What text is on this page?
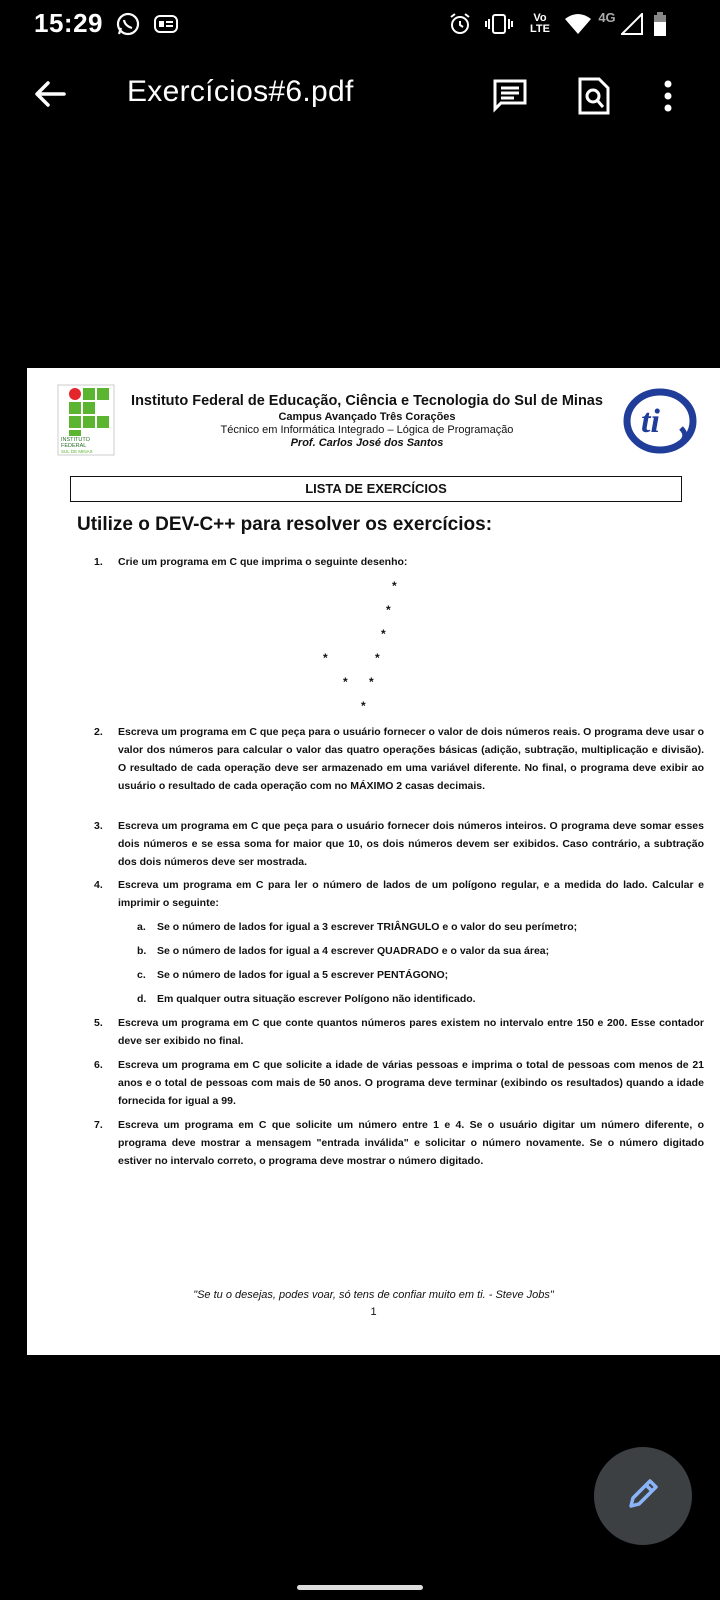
15:29	Vo LTE
4G
Exercícios#6.pdf
INSTITUTO
FEDERAL
SUL DE MINAS
Instituto Federal de Educação, Ciência e Tecnologia do Sul de Minas
Campus Avançado Três Corações
Técnico em Informática Integrado – Lógica de Programação
Prof. Carlos José dos Santos
ti
LISTA DE EXERCÍCIOS
Utilize o DEV-C++ para resolver os exercícios:
1. Crie um programa em C que imprima o seguinte desenho:
*
*
*
*	*
* *
*
2. Escreva um programa em C que peça para o usuário fornecer o valor de dois números reais. O programa deve usar o valor dos números para calcular o valor das quatro operações básicas (adição, subtração, multiplicação e divisão). O resultado de cada operação deve ser armazenado em uma variável diferente. No final, o programa deve exibir ao usuário o resultado de cada operação com no MÁXIMO 2 casas decimais.
3. Escreva um programa em C que peça para o usuário fornecer dois números inteiros. O programa deve somar esses dois números e se essa soma for maior que 10, os dois números devem ser exibidos. Caso contrário, a subtração dos dois números deve ser mostrada.
4. Escreva um programa em C para ler o número de lados de um polígono regular, e a medida do lado. Calcular e imprimir o seguinte:
a. Se o número de lados for igual a 3 escrever TRIÂNGULO e o valor do seu perímetro;
b. Se o número de lados for igual a 4 escrever QUADRADO e o valor da sua área;
c. Se o número de lados for igual a 5 escrever PENTÁGONO;
d. Em qualquer outra situação escrever Polígono não identificado.
5. Escreva um programa em C que conte quantos números pares existem no intervalo entre 150 e 200. Esse contador deve ser exibido no final.
6. Escreva um programa em C que solicite a idade de várias pessoas e imprima o total de pessoas com menos de 21 anos e o total de pessoas com mais de 50 anos. O programa deve terminar (exibindo os resultados) quando a idade fornecida for igual a 99.
7. Escreva um programa em C que solicite um número entre 1 e 4. Se o usuário digitar um número diferente, o programa deve mostrar a mensagem "entrada inválida" e solicitar o número novamente. Se o número digitado estiver no intervalo correto, o programa deve mostrar o número digitado.
"Se tu o desejas, podes voar, só tens de confiar muito em ti. - Steve Jobs"
1
